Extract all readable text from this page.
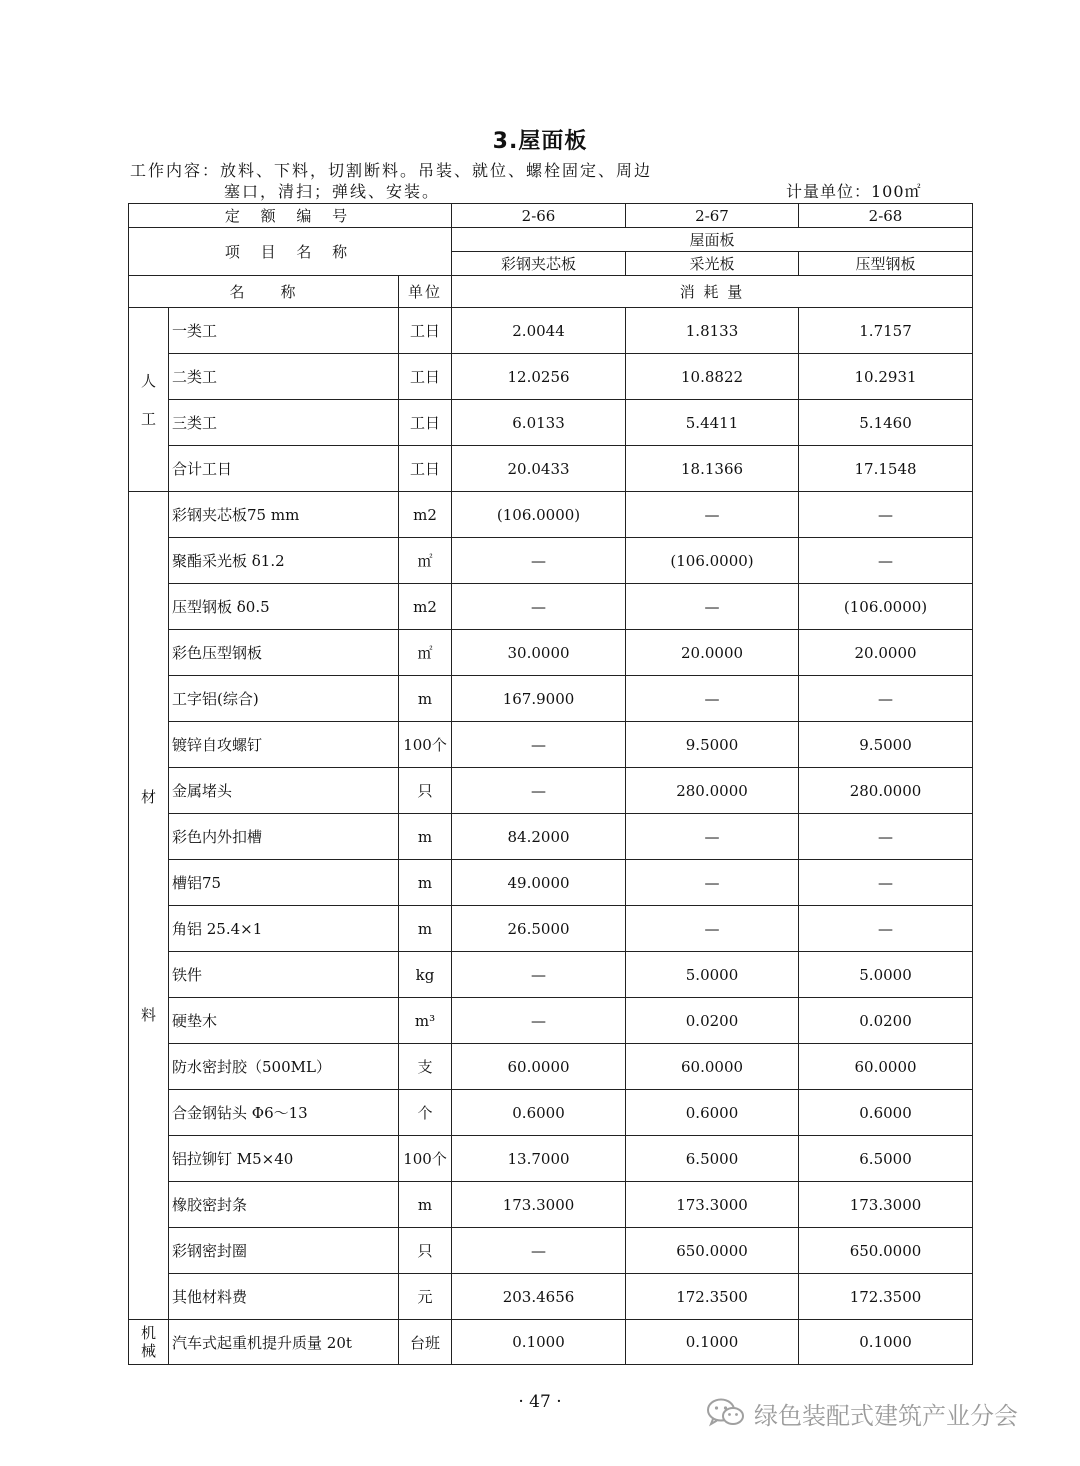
3.屋面板
工作内容：放料、下料，切割断料。吊装、就位、螺栓固定、周边
塞口，清扫；弹线、安装。	计量单位：100㎡
定 额 编 号			2-66	2-67	2-68
项 目 名 称			屋面板		
			彩钢夹芯板	采光板	压型钢板
名　　称		单位	消 耗 量		

人
工	一类工	工日	2.0044	1.8133	1.7157
	二类工	工日	12.0256	10.8822	10.2931
	三类工	工日	6.0133	5.4411	5.1460
	合计工日	工日	20.0433	18.1366	17.1548

材
料	彩钢夹芯板75 mm	m2	(106.0000)	—	—
	聚酯采光板 δ1.2	㎡	—	(106.0000)	—
	压型钢板 δ0.5	m2	—	—	(106.0000)
	彩色压型钢板	㎡	30.0000	20.0000	20.0000
	工字铝(综合)	m	167.9000	—	—
	镀锌自攻螺钉	100个	—	9.5000	9.5000
	金属堵头	只	—	280.0000	280.0000
	彩色内外扣槽	m	84.2000	—	—
	槽铝75	m	49.0000	—	—
	角铝 25.4×1	m	26.5000	—	—
	铁件	kg	—	5.0000	5.0000
	硬垫木	m³	—	0.0200	0.0200
	防水密封胶（500ML）	支	60.0000	60.0000	60.0000
	合金钢钻头 Φ6～13	个	0.6000	0.6000	0.6000
	铝拉铆钉 M5×40	100个	13.7000	6.5000	6.5000
	橡胶密封条	m	173.3000	173.3000	173.3000
	彩钢密封圈	只	—	650.0000	650.0000
	其他材料费	元	203.4656	172.3500	172.3500

机
械	汽车式起重机提升质量 20t	台班	0.1000	0.1000	0.1000
· 47 ·	绿色装配式建筑产业分会
